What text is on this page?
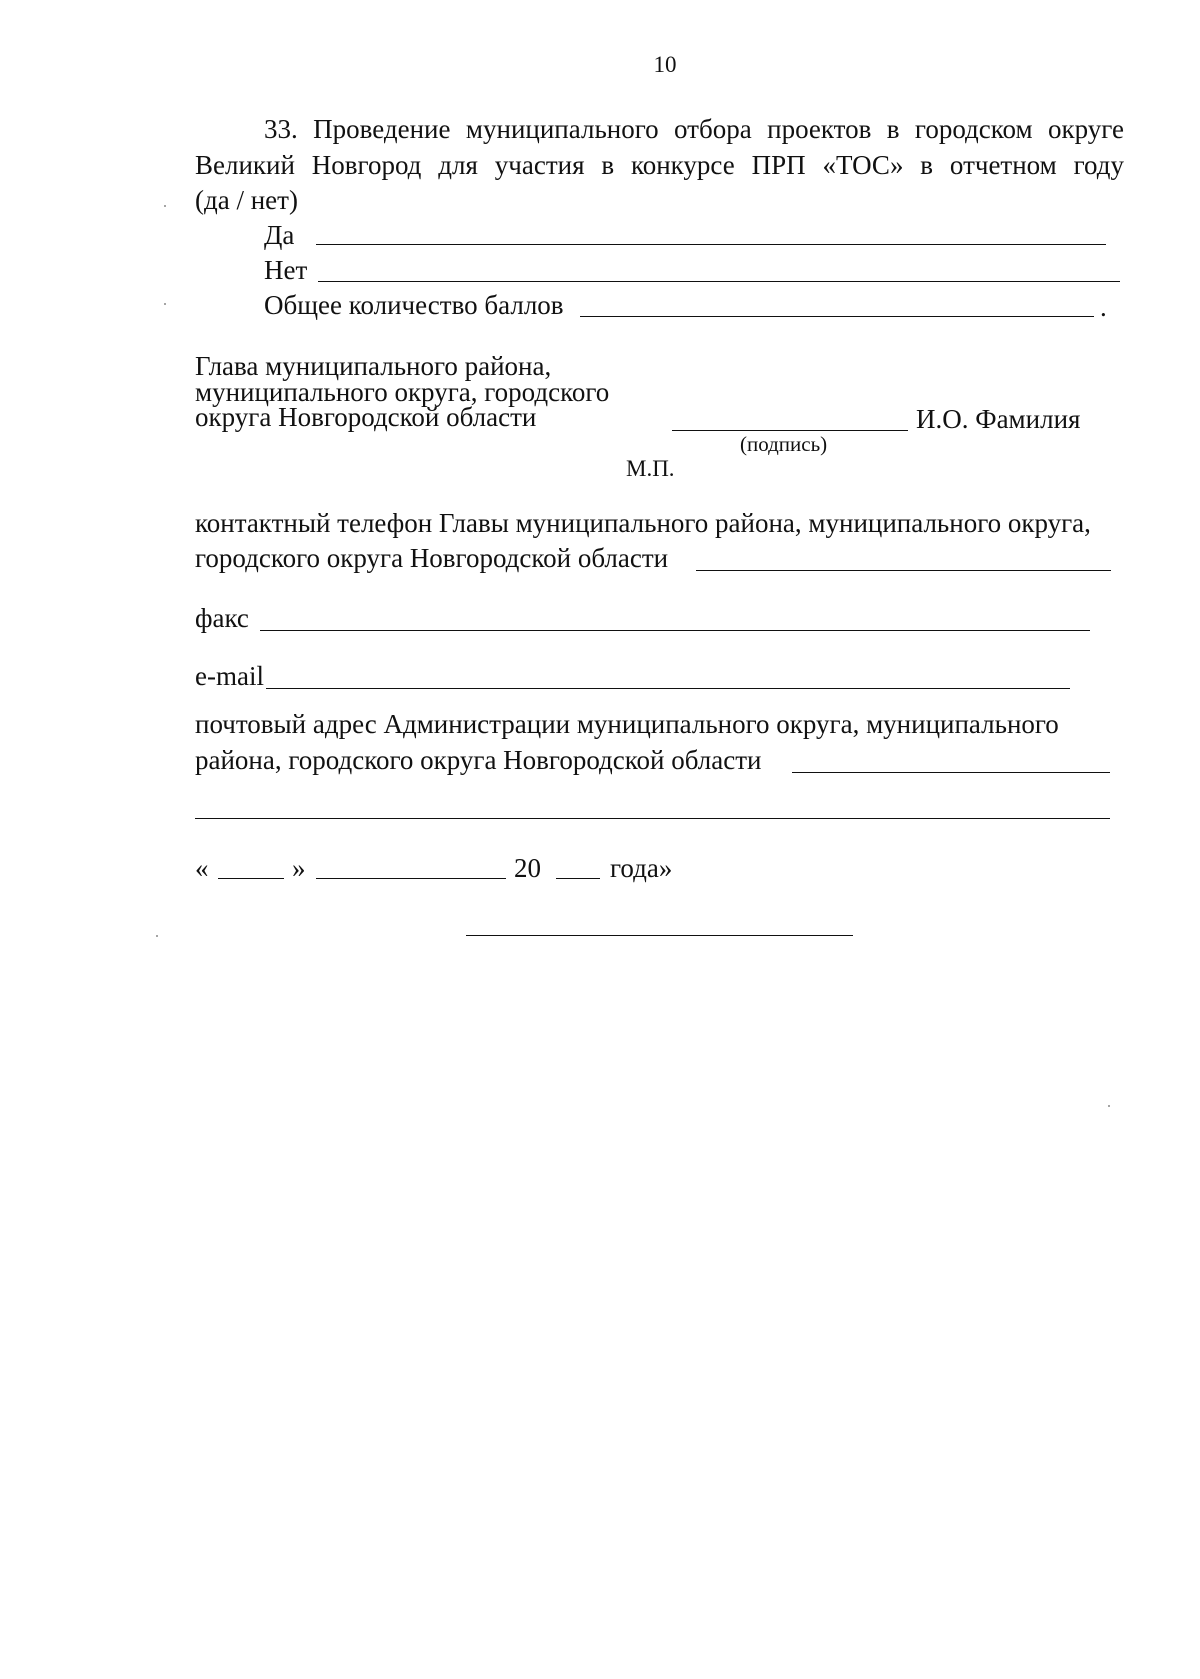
10
33. Проведение муниципального отбора проектов в городском округе
Великий Новгород для участия в конкурсе ПРП «ТОС» в отчетном году
(да / нет)
Да
Нет
Общее количество баллов	.
Глава муниципального района,
муниципального округа, городского
округа Новгородской области	И.О. Фамилия
(подпись)
М.П.
контактный телефон Главы муниципального района, муниципального округа,
городского округа Новгородской области
факс
e-mail
почтовый адрес Администрации муниципального округа, муниципального
района, городского округа Новгородской области
«	»	20	года»
